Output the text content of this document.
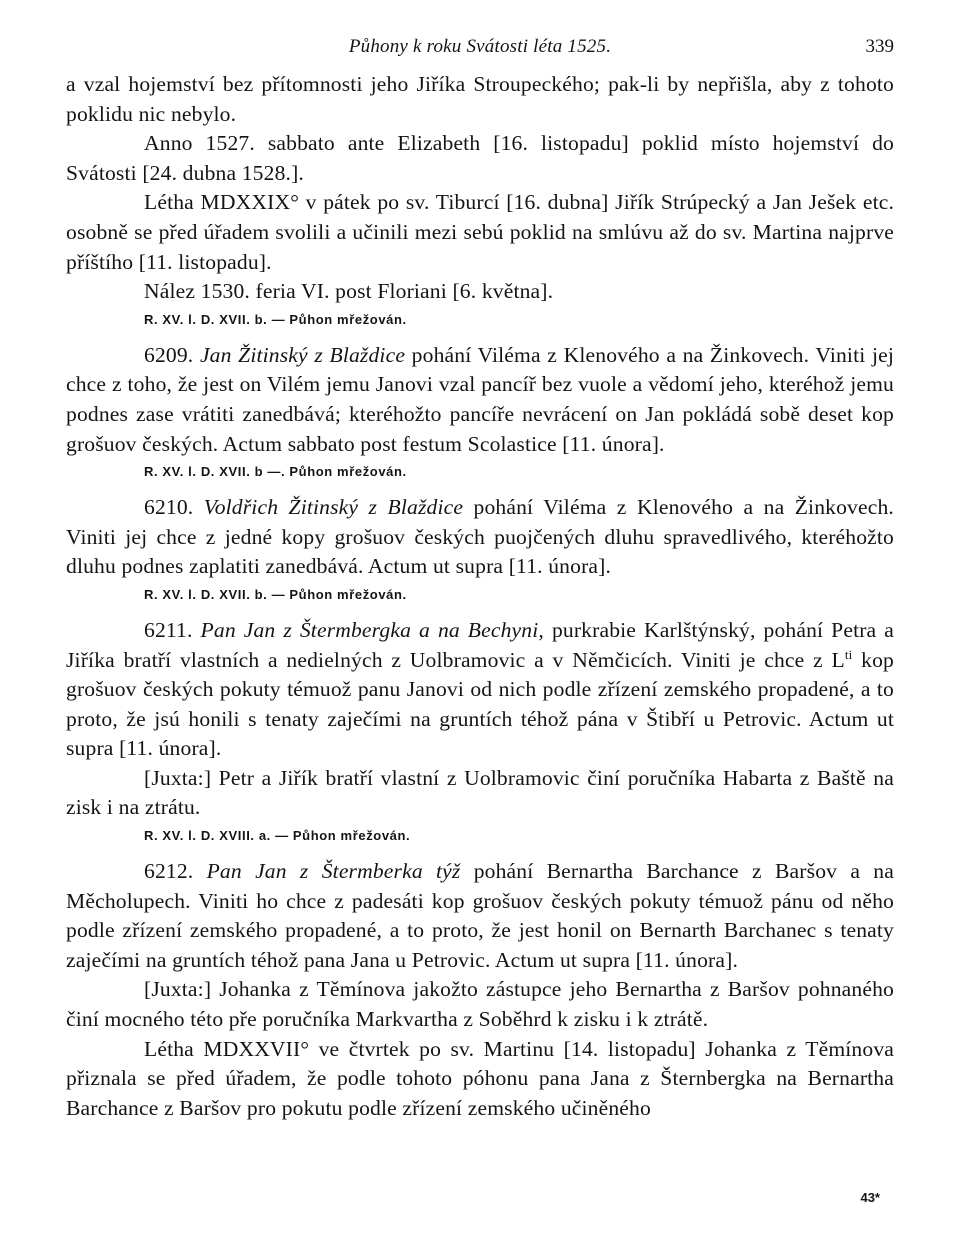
Půhony k roku Svátosti léta 1525.	339

a vzal hojemství bez přítomnosti jeho Jiříka Stroupeckého; pak-li by nepřišla, aby z tohoto poklidu nic nebylo.

Anno 1527. sabbato ante Elizabeth [16. listopadu] poklid místo hojemství do Svátosti [24. dubna 1528.].

Létha MDXXIX° v pátek po sv. Tiburcí [16. dubna] Jiřík Strúpecký a Jan Ješek etc. osobně se před úřadem svolili a učinili mezi sebú poklid na smlúvu až do sv. Martina najprve příštího [11. listopadu].

Nález 1530. feria VI. post Floriani [6. května].

R. XV. l. D. XVII. b. — Půhon mřežován.

6209. Jan Žitinský z Blaždice pohání Viléma z Klenového a na Žinkovech. Viniti jej chce z toho, že jest on Vilém jemu Janovi vzal pancíř bez vuole a vědomí jeho, kteréhož jemu podnes zase vrátiti zanedbává; kteréhožto pancíře nevrácení on Jan pokládá sobě deset kop grošuov českých. Actum sabbato post festum Scolastice [11. února].

R. XV. l. D. XVII. b —. Půhon mřežován.

6210. Voldřich Žitinský z Blaždice pohání Viléma z Klenového a na Žinkovech. Viniti jej chce z jedné kopy grošuov českých puojčených dluhu spravedlivého, kteréhožto dluhu podnes zaplatiti zanedbává. Actum ut supra [11. února].

R. XV. l. D. XVII. b. — Půhon mřežován.

6211. Pan Jan z Štermbergka a na Bechyni, purkrabie Karlštýnský, pohání Petra a Jiříka bratří vlastních a nedielných z Uolbramovic a v Němčicích. Viniti je chce z $L^{ti}$ kop grošuov českých pokuty témuož panu Janovi od nich podle zřízení zemského propadené, a to proto, že jsú honili s tenaty zaječími na gruntích téhož pána v Štibří u Petrovic. Actum ut supra [11. února].

[Juxta:] Petr a Jiřík bratří vlastní z Uolbramovic činí poručníka Habarta z Baště na zisk i na ztrátu.

R. XV. l. D. XVIII. a. — Půhon mřežován.

6212. Pan Jan z Štermberka týž pohání Bernartha Barchance z Baršov a na Měcholupech. Viniti ho chce z padesáti kop grošuov českých pokuty témuož pánu od něho podle zřízení zemského propadené, a to proto, že jest honil on Bernarth Barchanec s tenaty zaječími na gruntích téhož pana Jana u Petrovic. Actum ut supra [11. února].

[Juxta:] Johanka z Těmínova jakožto zástupce jeho Bernartha z Baršov pohnaného činí mocného této pře poručníka Markvartha z Soběhrd k zisku i k ztrátě.

Létha MDXXVII° ve čtvrtek po sv. Martinu [14. listopadu] Johanka z Těmínova přiznala se před úřadem, že podle tohoto póhonu pana Jana z Šternbergka na Bernartha Barchance z Baršov pro pokutu podle zřízení zemského učiněného

43*
